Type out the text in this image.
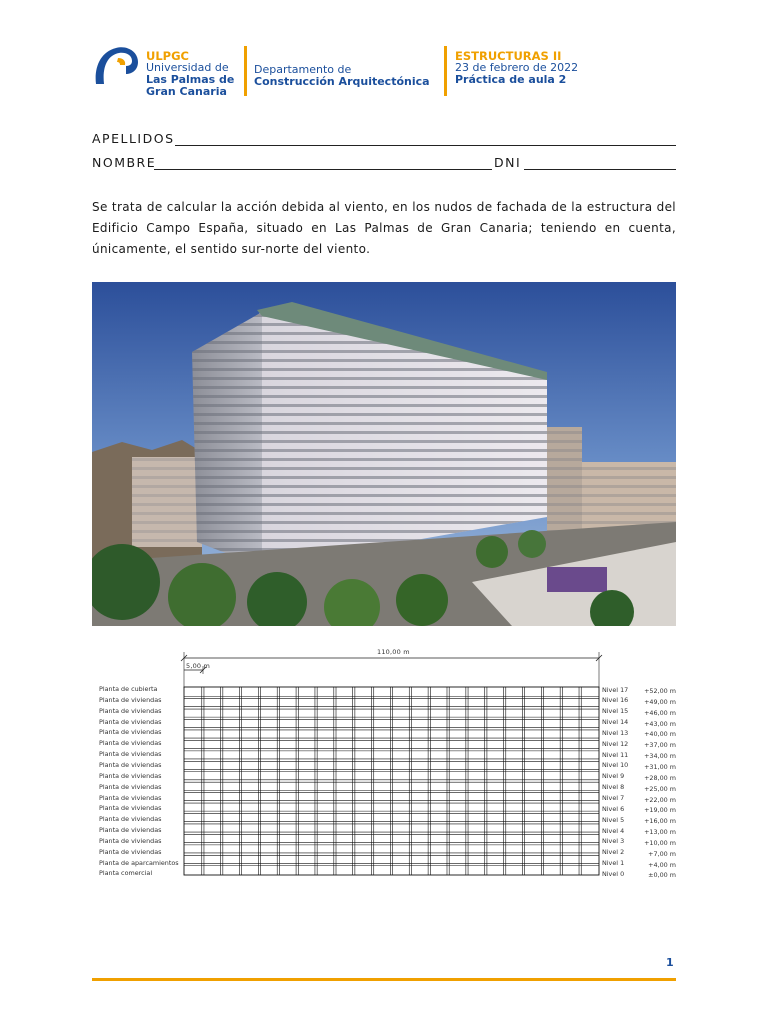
ULPGC
Universidad de
Las Palmas de
Gran Canaria
Departamento de
Construcción Arquitectónica
ESTRUCTURAS II
23 de febrero de 2022
Práctica de aula 2
APELLIDOS
NOMBRE	DNI
Se trata de calcular la acción debida al viento, en los nudos de fachada de la estructura del Edificio Campo España, situado en Las Palmas de Gran Canaria; teniendo en cuenta, únicamente, el sentido sur-norte del viento.
110,00 m
5,00 m
Planta de cubierta	Nivel 17	+52,00 m
Planta de viviendas	Nivel 16	+49,00 m
Planta de viviendas	Nivel 15	+46,00 m
Planta de viviendas	Nivel 14	+43,00 m
Planta de viviendas	Nivel 13	+40,00 m
Planta de viviendas	Nivel 12	+37,00 m
Planta de viviendas	Nivel 11	+34,00 m
Planta de viviendas	Nivel 10	+31,00 m
Planta de viviendas	Nivel 9	+28,00 m
Planta de viviendas	Nivel 8	+25,00 m
Planta de viviendas	Nivel 7	+22,00 m
Planta de viviendas	Nivel 6	+19,00 m
Planta de viviendas	Nivel 5	+16,00 m
Planta de viviendas	Nivel 4	+13,00 m
Planta de viviendas	Nivel 3	+10,00 m
Planta de viviendas	Nivel 2	+7,00 m
Planta de aparcamientos	Nivel 1	+4,00 m
Planta comercial	Nivel 0	±0,00 m
1
